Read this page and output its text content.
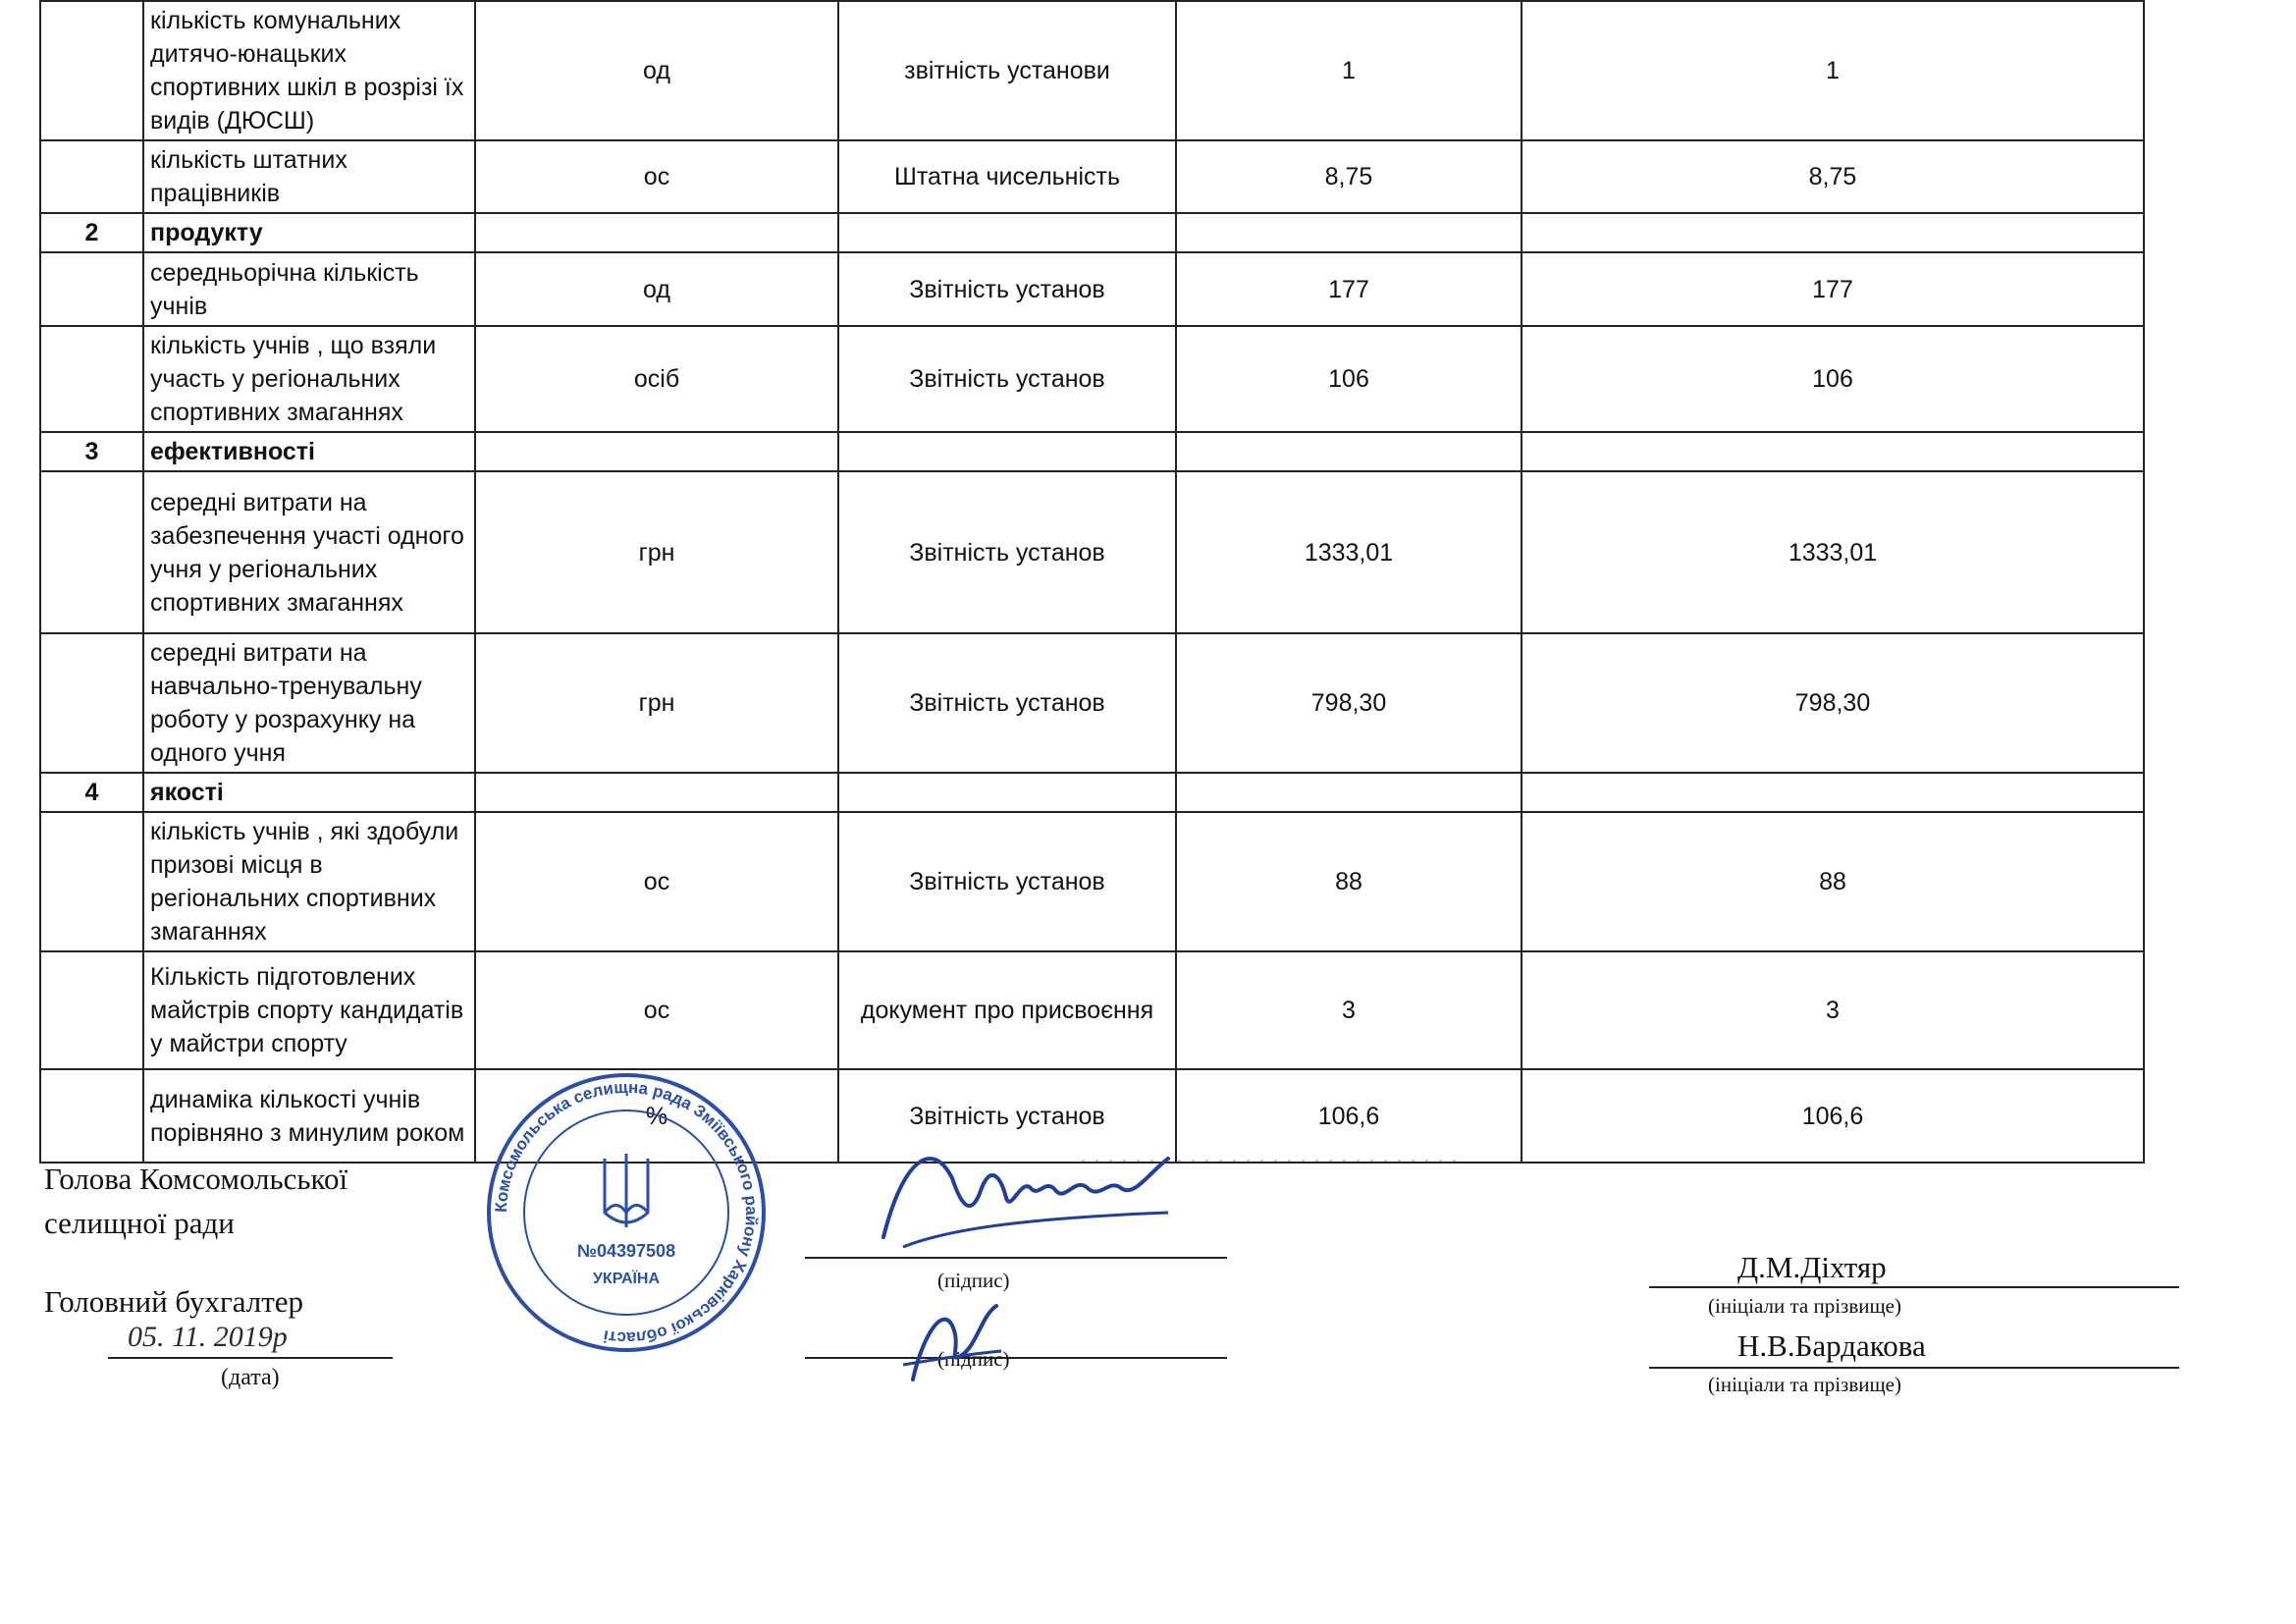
. . . . . . . . . . . . . . . . . . . . . . . . . . . .
	кількість комунальних дитячо-юнацьких спортивних шкіл в розрізі їх видів (ДЮСШ)	од	звітність установи	1	1
	кількість штатних працівників	ос	Штатна чисельність	8,75	8,75
2	продукту				
	середньорічна кількість учнів	од	Звітність установ	177	177
	кількість учнів , що взяли участь у регіональних спортивних змаганнях	осіб	Звітність установ	106	106
3	ефективності				
	середні витрати на забезпечення участі одного учня у регіональних спортивних змаганнях	грн	Звітність установ	1333,01	1333,01
	середні витрати на навчально-тренувальну роботу у розрахунку на одного учня	грн	Звітність установ	798,30	798,30
4	якості				
	кількість учнів , які здобули призові місця в регіональних спортивних змаганнях	ос	Звітність установ	88	88
	Кількість підготовлених майстрів спорту кандидатів у майстри спорту	ос	документ про присвоєння	3	3
	динаміка кількості учнів порівняно з минулим роком	%	Звітність установ	106,6	106,6
Голова Комсомольської
селищної ради
(підпис)	Д.М.Діхтяр
(ініціали та прізвище)
Головний бухгалтер
05. 11. 2019р
(дата)
(підпис)	Н.В.Бардакова
(ініціали та прізвище)
Комсомольська селищна рада Зміївського району Харківської області
№04397508
УКРАЇНА
